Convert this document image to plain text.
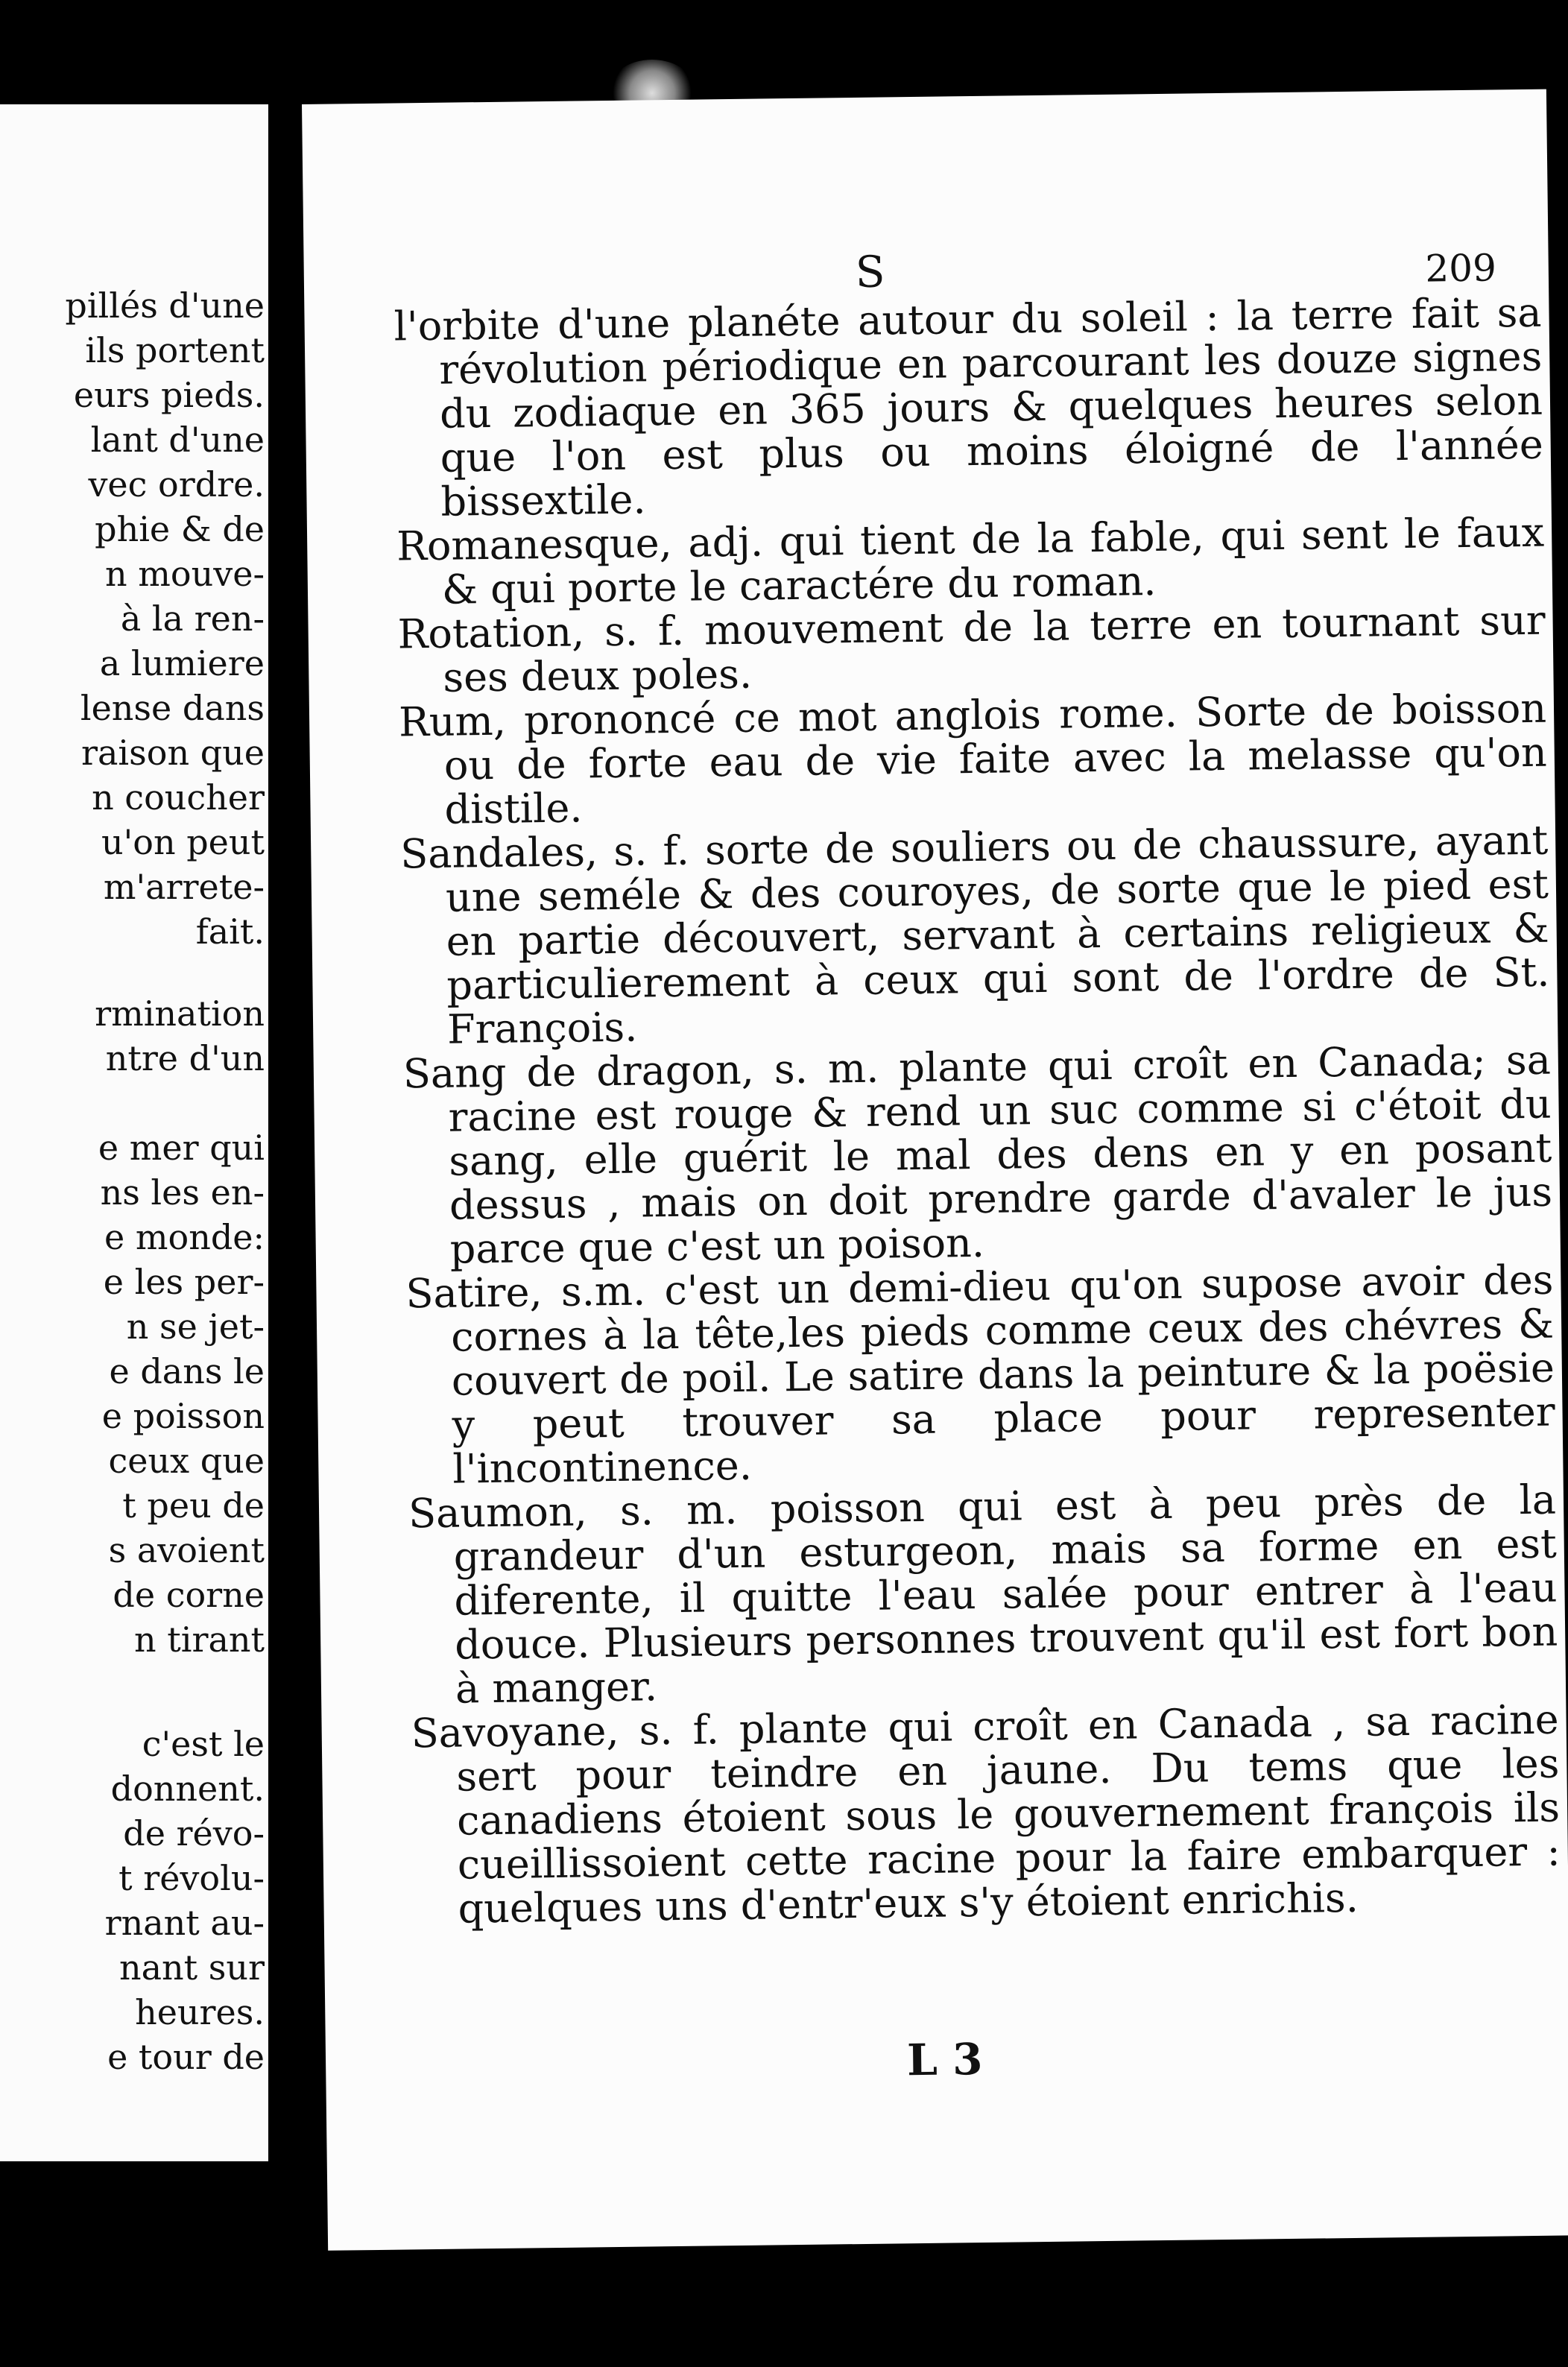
pillés d'une
ils portent
eurs pieds.
lant d'une
vec ordre.
phie & de
n mouve-
à la ren-
a lumiere
lense dans
raison que
n coucher
u'on peut
m'arrete-
fait.
rmination
ntre d'un
e mer qui
ns les en-
e monde:
e les per-
n se jet-
e dans le
e poisson
ceux que
t peu de
s avoient
de corne
n tirant
c'est le
donnent.
de révo-
t révolu-
rnant au-
nant sur
heures.
e tour de
S	209

l'orbite d'une planéte autour du soleil : la terre fait sa révolution périodique en parcourant les douze signes du zodiaque en 365 jours & quelques heures selon que l'on est plus ou moins éloigné de l'année bissextile.

Romanesque, adj. qui tient de la fable, qui sent le faux & qui porte le caractére du roman.

Rotation, s. f. mouvement de la terre en tournant sur ses deux poles.

Rum, prononcé ce mot anglois rome. Sorte de boisson ou de forte eau de vie faite avec la melasse qu'on distile.

Sandales, s. f. sorte de souliers ou de chaussure, ayant une seméle & des couroyes, de sorte que le pied est en partie découvert, servant à certains religieux & particulierement à ceux qui sont de l'ordre de St. François.

Sang de dragon, s. m. plante qui croît en Canada; sa racine est rouge & rend un suc comme si c'étoit du sang, elle guérit le mal des dens en y en posant dessus , mais on doit prendre garde d'avaler le jus parce que c'est un poison.

Satire, s.m. c'est un demi-dieu qu'on supose avoir des cornes à la tête,les pieds comme ceux des chévres & couvert de poil. Le satire dans la peinture & la poësie y peut trouver sa place pour representer l'incontinence.

Saumon, s. m. poisson qui est à peu près de la grandeur d'un esturgeon, mais sa forme en est diferente, il quitte l'eau salée pour entrer à l'eau douce. Plusieurs personnes trouvent qu'il est fort bon à manger.

Savoyane, s. f. plante qui croît en Canada , sa racine sert pour teindre en jaune. Du tems que les canadiens étoient sous le gouvernement françois ils cueillissoient cette racine pour la faire embarquer : quelques uns d'entr'eux s'y étoient enrichis.

L 3
